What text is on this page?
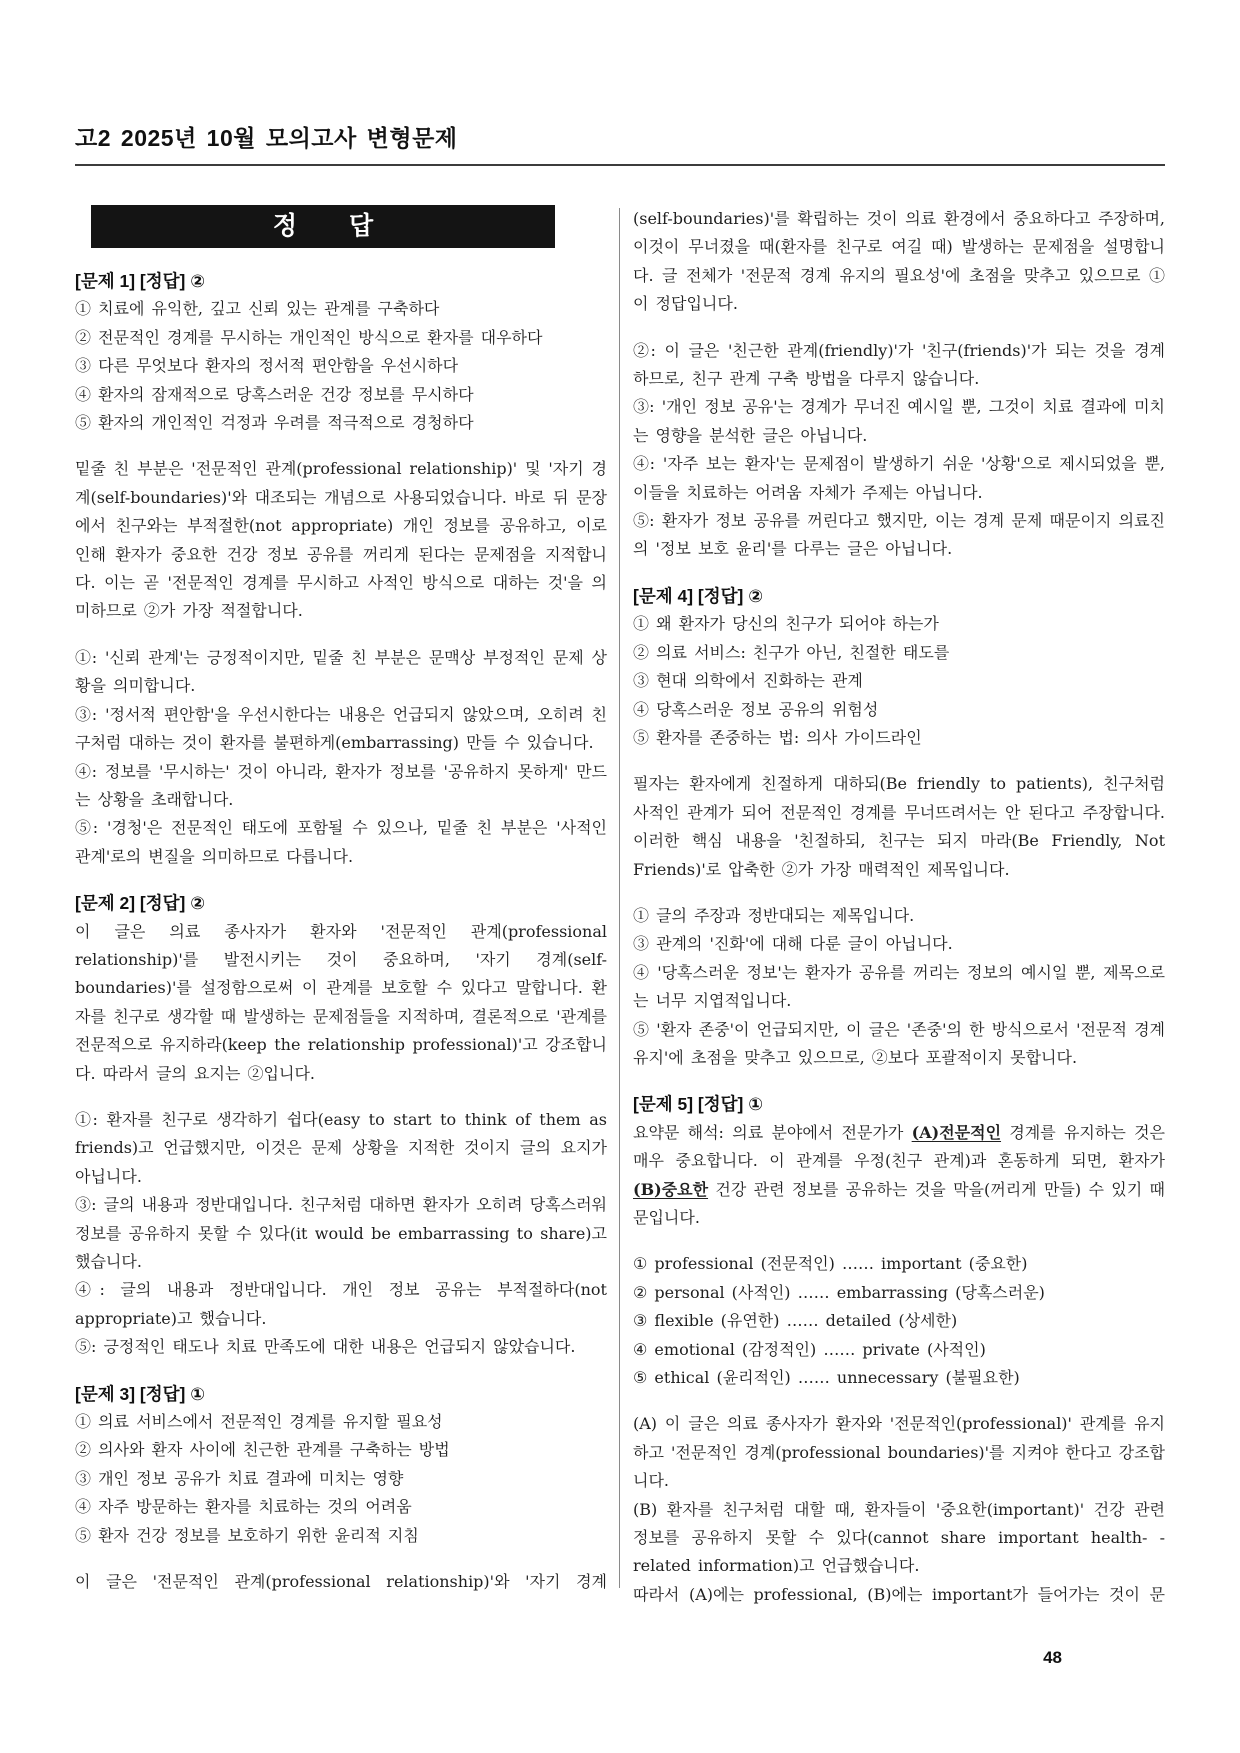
고2 2025년 10월 모의고사 변형문제
정 답
[문제 1] [정답] ②
① 치료에 유익한, 깊고 신뢰 있는 관계를 구축하다
② 전문적인 경계를 무시하는 개인적인 방식으로 환자를 대우하다
③ 다른 무엇보다 환자의 정서적 편안함을 우선시하다
④ 환자의 잠재적으로 당혹스러운 건강 정보를 무시하다
⑤ 환자의 개인적인 걱정과 우려를 적극적으로 경청하다
밑줄 친 부분은 '전문적인 관계(professional relationship)' 및 '자기 경계(self-boundaries)'와 대조되는 개념으로 사용되었습니다. 바로 뒤 문장에서 친구와는 부적절한(not appropriate) 개인 정보를 공유하고, 이로 인해 환자가 중요한 건강 정보 공유를 꺼리게 된다는 문제점을 지적합니다. 이는 곧 '전문적인 경계를 무시하고 사적인 방식으로 대하는 것'을 의미하므로 ②가 가장 적절합니다.
①: '신뢰 관계'는 긍정적이지만, 밑줄 친 부분은 문맥상 부정적인 문제 상황을 의미합니다.
③: '정서적 편안함'을 우선시한다는 내용은 언급되지 않았으며, 오히려 친구처럼 대하는 것이 환자를 불편하게(embarrassing) 만들 수 있습니다.
④: 정보를 '무시하는' 것이 아니라, 환자가 정보를 '공유하지 못하게' 만드는 상황을 초래합니다.
⑤: '경청'은 전문적인 태도에 포함될 수 있으나, 밑줄 친 부분은 '사적인 관계'로의 변질을 의미하므로 다릅니다.
[문제 2] [정답] ②
이 글은 의료 종사자가 환자와 '전문적인 관계(professional relationship)'를 발전시키는 것이 중요하며, '자기 경계(self-boundaries)'를 설정함으로써 이 관계를 보호할 수 있다고 말합니다. 환자를 친구로 생각할 때 발생하는 문제점들을 지적하며, 결론적으로 '관계를 전문적으로 유지하라(keep the relationship professional)'고 강조합니다. 따라서 글의 요지는 ②입니다.
①: 환자를 친구로 생각하기 쉽다(easy to start to think of them as friends)고 언급했지만, 이것은 문제 상황을 지적한 것이지 글의 요지가 아닙니다.
③: 글의 내용과 정반대입니다. 친구처럼 대하면 환자가 오히려 당혹스러워 정보를 공유하지 못할 수 있다(it would be embarrassing to share)고 했습니다.
④: 글의 내용과 정반대입니다. 개인 정보 공유는 부적절하다(not appropriate)고 했습니다.
⑤: 긍정적인 태도나 치료 만족도에 대한 내용은 언급되지 않았습니다.
[문제 3] [정답] ①
① 의료 서비스에서 전문적인 경계를 유지할 필요성
② 의사와 환자 사이에 친근한 관계를 구축하는 방법
③ 개인 정보 공유가 치료 결과에 미치는 영향
④ 자주 방문하는 환자를 치료하는 것의 어려움
⑤ 환자 건강 정보를 보호하기 위한 윤리적 지침
이 글은 '전문적인 관계(professional relationship)'와 '자기 경계
(self-boundaries)'를 확립하는 것이 의료 환경에서 중요하다고 주장하며, 이것이 무너졌을 때(환자를 친구로 여길 때) 발생하는 문제점을 설명합니다. 글 전체가 '전문적 경계 유지의 필요성'에 초점을 맞추고 있으므로 ①이 정답입니다.
②: 이 글은 '친근한 관계(friendly)'가 '친구(friends)'가 되는 것을 경계하므로, 친구 관계 구축 방법을 다루지 않습니다.
③: '개인 정보 공유'는 경계가 무너진 예시일 뿐, 그것이 치료 결과에 미치는 영향을 분석한 글은 아닙니다.
④: '자주 보는 환자'는 문제점이 발생하기 쉬운 '상황'으로 제시되었을 뿐, 이들을 치료하는 어려움 자체가 주제는 아닙니다.
⑤: 환자가 정보 공유를 꺼린다고 했지만, 이는 경계 문제 때문이지 의료진의 '정보 보호 윤리'를 다루는 글은 아닙니다.
[문제 4] [정답] ②
① 왜 환자가 당신의 친구가 되어야 하는가
② 의료 서비스: 친구가 아닌, 친절한 태도를
③ 현대 의학에서 진화하는 관계
④ 당혹스러운 정보 공유의 위험성
⑤ 환자를 존중하는 법: 의사 가이드라인
필자는 환자에게 친절하게 대하되(Be friendly to patients), 친구처럼 사적인 관계가 되어 전문적인 경계를 무너뜨려서는 안 된다고 주장합니다. 이러한 핵심 내용을 '친절하되, 친구는 되지 마라(Be Friendly, Not Friends)'로 압축한 ②가 가장 매력적인 제목입니다.
① 글의 주장과 정반대되는 제목입니다.
③ 관계의 '진화'에 대해 다룬 글이 아닙니다.
④ '당혹스러운 정보'는 환자가 공유를 꺼리는 정보의 예시일 뿐, 제목으로는 너무 지엽적입니다.
⑤ '환자 존중'이 언급되지만, 이 글은 '존중'의 한 방식으로서 '전문적 경계 유지'에 초점을 맞추고 있으므로, ②보다 포괄적이지 못합니다.
[문제 5] [정답] ①
요약문 해석: 의료 분야에서 전문가가 (A)전문적인 경계를 유지하는 것은 매우 중요합니다. 이 관계를 우정(친구 관계)과 혼동하게 되면, 환자가 (B)중요한 건강 관련 정보를 공유하는 것을 막을(꺼리게 만들) 수 있기 때문입니다.
① professional (전문적인) …… important (중요한)
② personal (사적인) …… embarrassing (당혹스러운)
③ flexible (유연한) …… detailed (상세한)
④ emotional (감정적인) …… private (사적인)
⑤ ethical (윤리적인) …… unnecessary (불필요한)
(A) 이 글은 의료 종사자가 환자와 '전문적인(professional)' 관계를 유지하고 '전문적인 경계(professional boundaries)'를 지켜야 한다고 강조합니다.
(B) 환자를 친구처럼 대할 때, 환자들이 '중요한(important)' 건강 관련 정보를 공유하지 못할 수 있다(cannot share important health- - related information)고 언급했습니다.
따라서 (A)에는 professional, (B)에는 important가 들어가는 것이 문
48
